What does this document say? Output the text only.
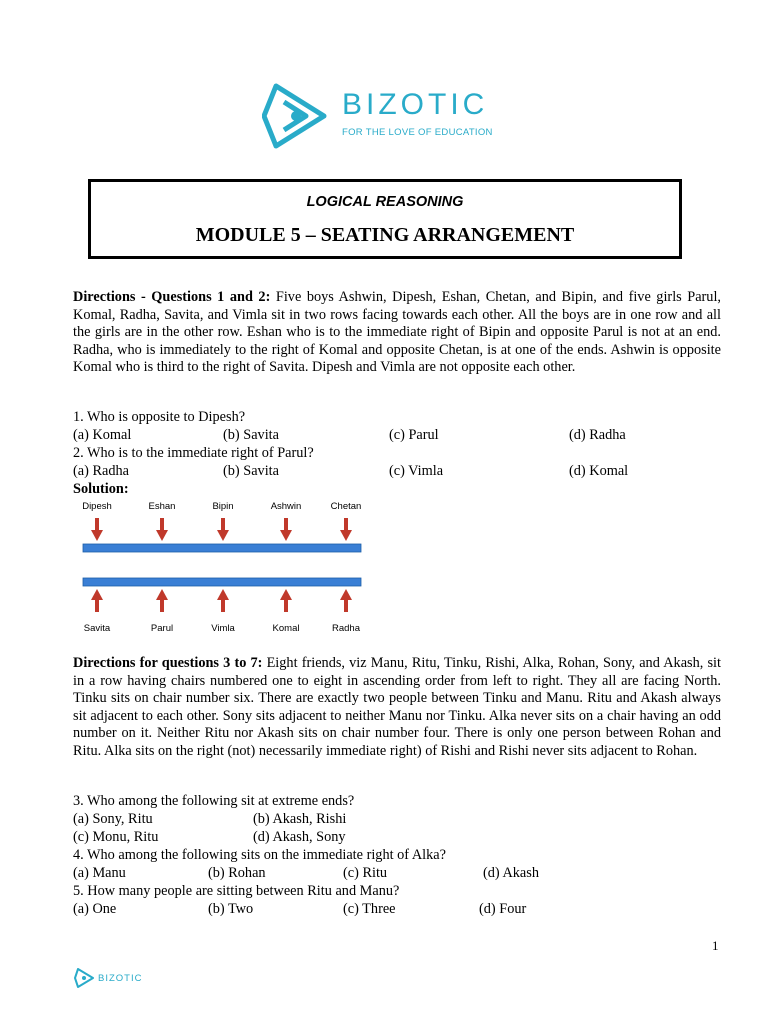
BIZOTIC
FOR THE LOVE OF EDUCATION
LOGICAL REASONING
MODULE 5 – SEATING ARRANGEMENT
Directions - Questions 1 and 2: Five boys Ashwin, Dipesh, Eshan, Chetan, and Bipin, and five girls Parul, Komal, Radha, Savita, and Vimla sit in two rows facing towards each other. All the boys are in one row and all the girls are in the other row. Eshan who is to the immediate right of Bipin and opposite Parul is not at an end. Radha, who is immediately to the right of Komal and opposite Chetan, is at one of the ends. Ashwin is opposite Komal who is third to the right of Savita. Dipesh and Vimla are not opposite each other.
1. Who is opposite to Dipesh?
(a) Komal	(b) Savita	(c) Parul	(d) Radha
2. Who is to the immediate right of Parul?
(a) Radha	(b) Savita	(c) Vimla	(d) Komal
Solution:
Dipesh	Eshan	Bipin	Ashwin	Chetan
Savita	Parul	Vimla	Komal	Radha
Directions for questions 3 to 7: Eight friends, viz Manu, Ritu, Tinku, Rishi, Alka, Rohan, Sony, and Akash, sit in a row having chairs numbered one to eight in ascending order from left to right. They all are facing North. Tinku sits on chair number six. There are exactly two people between Tinku and Manu. Ritu and Akash always sit adjacent to each other. Sony sits adjacent to neither Manu nor Tinku. Alka never sits on a chair having an odd number on it. Neither Ritu nor Akash sits on chair number four. There is only one person between Rohan and Ritu. Alka sits on the right (not) necessarily immediate right) of Rishi and Rishi never sits adjacent to Rohan.
3. Who among the following sit at extreme ends?
(a) Sony, Ritu	(b) Akash, Rishi
(c) Monu, Ritu	(d) Akash, Sony
4. Who among the following sits on the immediate right of Alka?
(a) Manu	(b) Rohan	(c) Ritu	(d) Akash
5. How many people are sitting between Ritu and Manu?
(a) One	(b) Two	(c) Three	(d) Four
1
BIZOTIC
